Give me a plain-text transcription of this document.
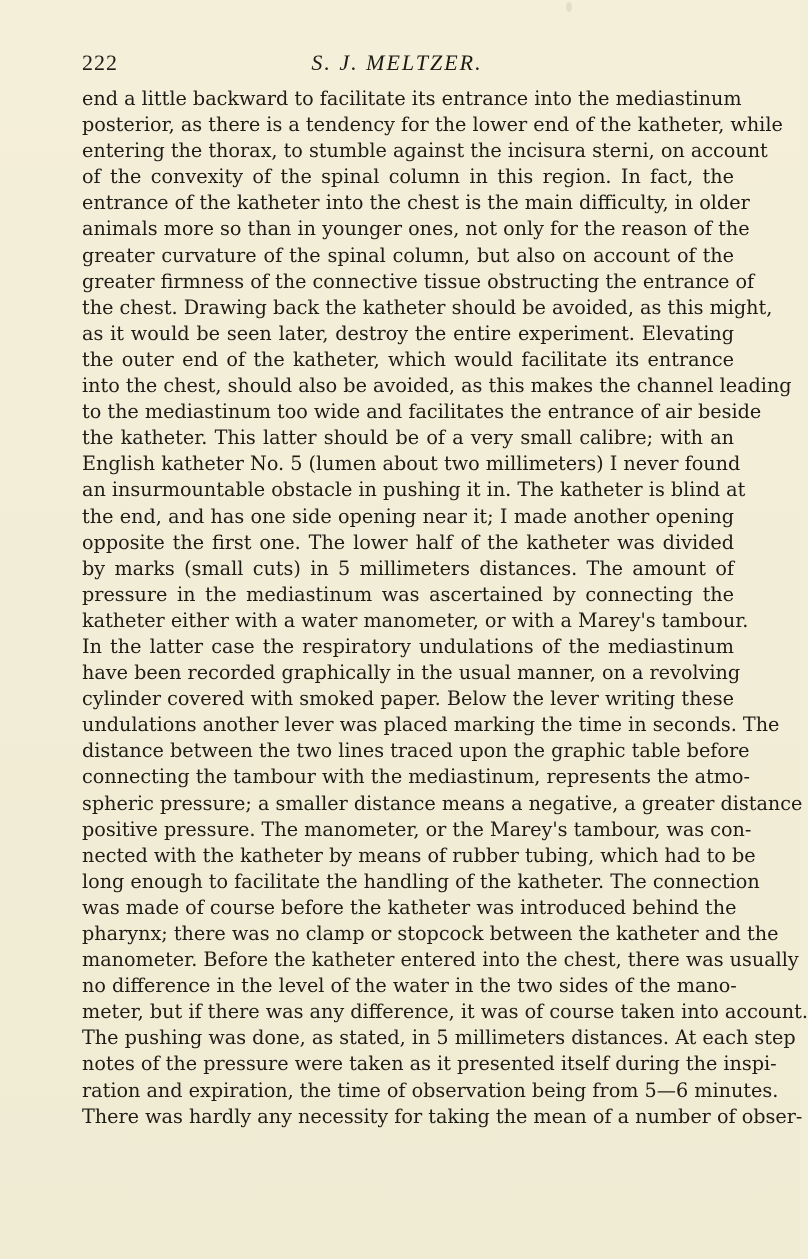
222	S. J. MELTZER.
end a little backward to facilitate its entrance into the mediastinum
posterior, as there is a tendency for the lower end of the katheter, while
entering the thorax, to stumble against the incisura sterni, on account
of the convexity of the spinal column in this region. In fact, the
entrance of the katheter into the chest is the main difficulty, in older
animals more so than in younger ones, not only for the reason of the
greater curvature of the spinal column, but also on account of the
greater firmness of the connective tissue obstructing the entrance of
the chest. Drawing back the katheter should be avoided, as this might,
as it would be seen later, destroy the entire experiment. Elevating
the outer end of the katheter, which would facilitate its entrance
into the chest, should also be avoided, as this makes the channel leading
to the mediastinum too wide and facilitates the entrance of air beside
the katheter. This latter should be of a very small calibre; with an
English katheter No. 5 (lumen about two millimeters) I never found
an insurmountable obstacle in pushing it in. The katheter is blind at
the end, and has one side opening near it; I made another opening
opposite the first one. The lower half of the katheter was divided
by marks (small cuts) in 5 millimeters distances. The amount of
pressure in the mediastinum was ascertained by connecting the
katheter either with a water manometer, or with a Marey's tambour.
In the latter case the respiratory undulations of the mediastinum
have been recorded graphically in the usual manner, on a revolving
cylinder covered with smoked paper. Below the lever writing these
undulations another lever was placed marking the time in seconds. The
distance between the two lines traced upon the graphic table before
connecting the tambour with the mediastinum, represents the atmo-
spheric pressure; a smaller distance means a negative, a greater distance
positive pressure. The manometer, or the Marey's tambour, was con-
nected with the katheter by means of rubber tubing, which had to be
long enough to facilitate the handling of the katheter. The connection
was made of course before the katheter was introduced behind the
pharynx; there was no clamp or stopcock between the katheter and the
manometer. Before the katheter entered into the chest, there was usually
no difference in the level of the water in the two sides of the mano-
meter, but if there was any difference, it was of course taken into account.
The pushing was done, as stated, in 5 millimeters distances. At each step
notes of the pressure were taken as it presented itself during the inspi-
ration and expiration, the time of observation being from 5—6 minutes.
There was hardly any necessity for taking the mean of a number of obser-
